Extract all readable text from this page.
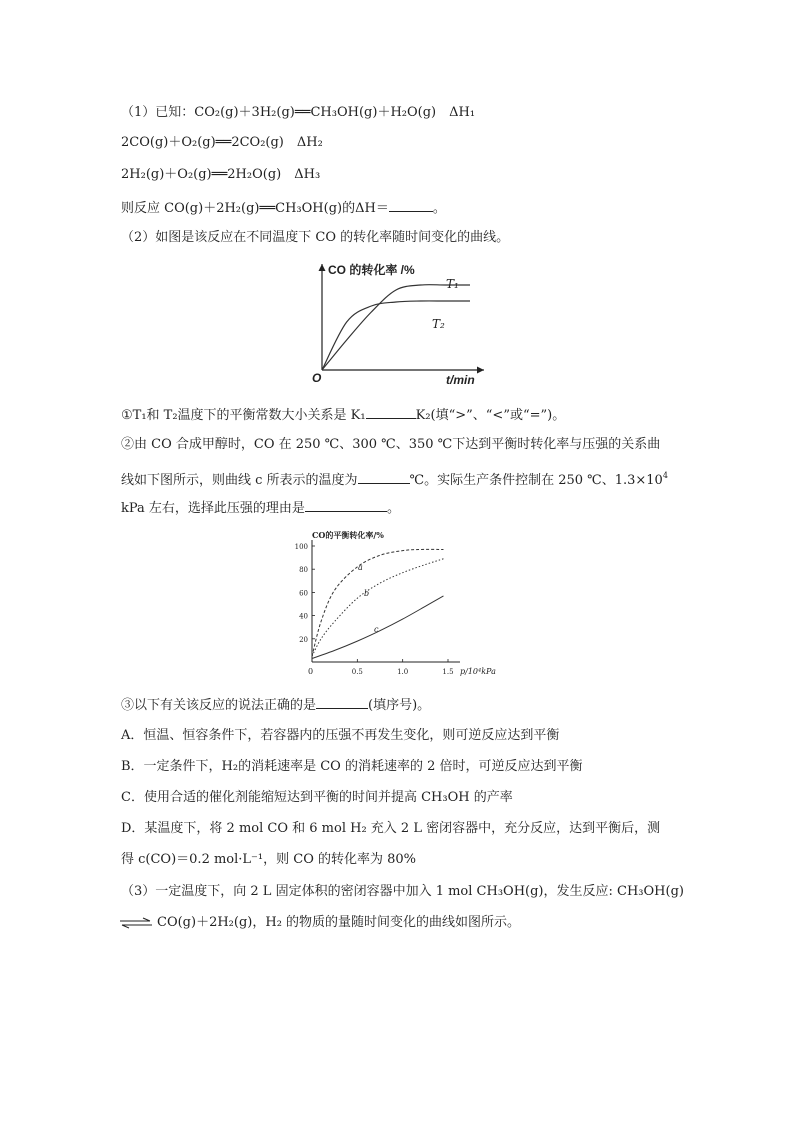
（1）已知：CO₂(g)＋3H₂(g)══CH₃OH(g)＋H₂O(g)　ΔH₁
2CO(g)＋O₂(g)══2CO₂(g)　ΔH₂
2H₂(g)＋O₂(g)══2H₂O(g)　ΔH₃
则反应 CO(g)＋2H₂(g)══CH₃OH(g)的ΔH＝	。
（2）如图是该反应在不同温度下 CO 的转化率随时间变化的曲线。
CO 的转化率 /%
t/min
O
T₁
T₂
①T₁和 T₂温度下的平衡常数大小关系是 K₁	K₂(填“>”、“<”或“=”)。
②由 CO 合成甲醇时，CO 在 250 ℃、300 ℃、350 ℃下达到平衡时转化率与压强的关系曲
线如下图所示，则曲线 c 所表示的温度为	℃。实际生产条件控制在 250 ℃、$1.3\times 10^4$
kPa 左右，选择此压强的理由是	。
20
40
60
80
100
0.5	1.0	1.5
CO的平衡转化率/%
p/10⁴kPa
0
a
b
c
③以下有关该反应的说法正确的是	(填序号)。
A．恒温、恒容条件下，若容器内的压强不再发生变化，则可逆反应达到平衡
B．一定条件下，H₂的消耗速率是 CO 的消耗速率的 2 倍时，可逆反应达到平衡
C．使用合适的催化剂能缩短达到平衡的时间并提高 CH₃OH 的产率
D．某温度下，将 2 mol CO 和 6 mol H₂ 充入 2 L 密闭容器中，充分反应，达到平衡后，测
得 c(CO)＝0.2 mol·L⁻¹，则 CO 的转化率为 80%
（3）一定温度下，向 2 L 固定体积的密闭容器中加入 1 mol CH₃OH(g)，发生反应: CH₃OH(g)
⇌ CO(g)＋2H₂(g)，H₂ 的物质的量随时间变化的曲线如图所示。
